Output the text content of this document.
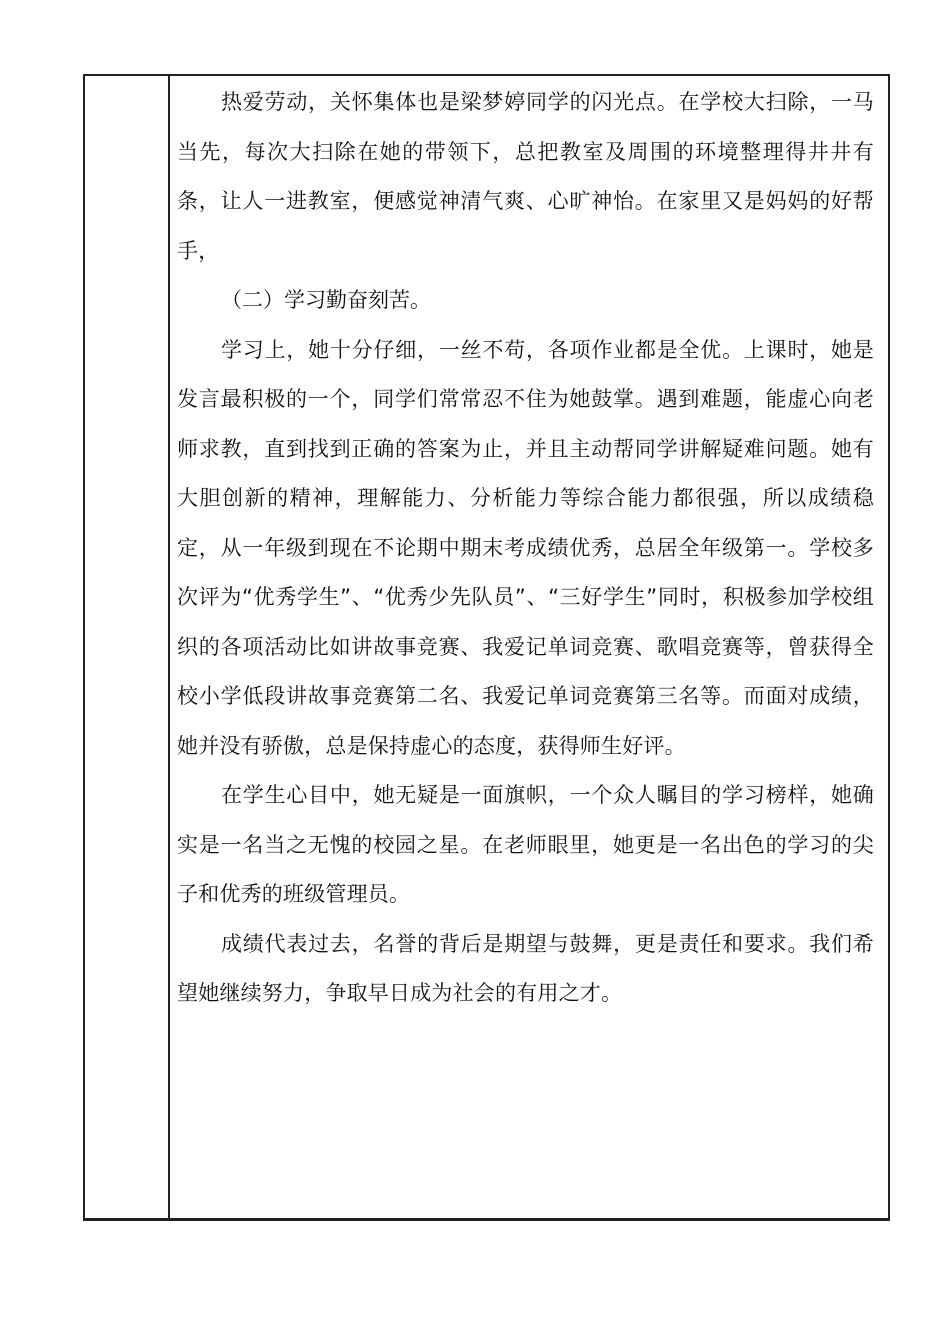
热爱劳动，关怀集体也是梁梦婷同学的闪光点。在学校大扫除，一马当先，每次大扫除在她的带领下，总把教室及周围的环境整理得井井有条，让人一进教室，便感觉神清气爽、心旷神怡。在家里又是妈妈的好帮手，

（二）学习勤奋刻苦。

学习上，她十分仔细，一丝不苟，各项作业都是全优。上课时，她是发言最积极的一个，同学们常常忍不住为她鼓掌。遇到难题，能虚心向老师求教，直到找到正确的答案为止，并且主动帮同学讲解疑难问题。她有大胆创新的精神，理解能力、分析能力等综合能力都很强，所以成绩稳定，从一年级到现在不论期中期末考成绩优秀，总居全年级第一。学校多次评为“优秀学生”、“优秀少先队员”、“三好学生”同时，积极参加学校组织的各项活动比如讲故事竞赛、我爱记单词竞赛、歌唱竞赛等，曾获得全校小学低段讲故事竞赛第二名、我爱记单词竞赛第三名等。而面对成绩，她并没有骄傲，总是保持虚心的态度，获得师生好评。

在学生心目中，她无疑是一面旗帜，一个众人瞩目的学习榜样，她确实是一名当之无愧的校园之星。在老师眼里，她更是一名出色的学习的尖子和优秀的班级管理员。

成绩代表过去，名誉的背后是期望与鼓舞，更是责任和要求。我们希望她继续努力，争取早日成为社会的有用之才。
